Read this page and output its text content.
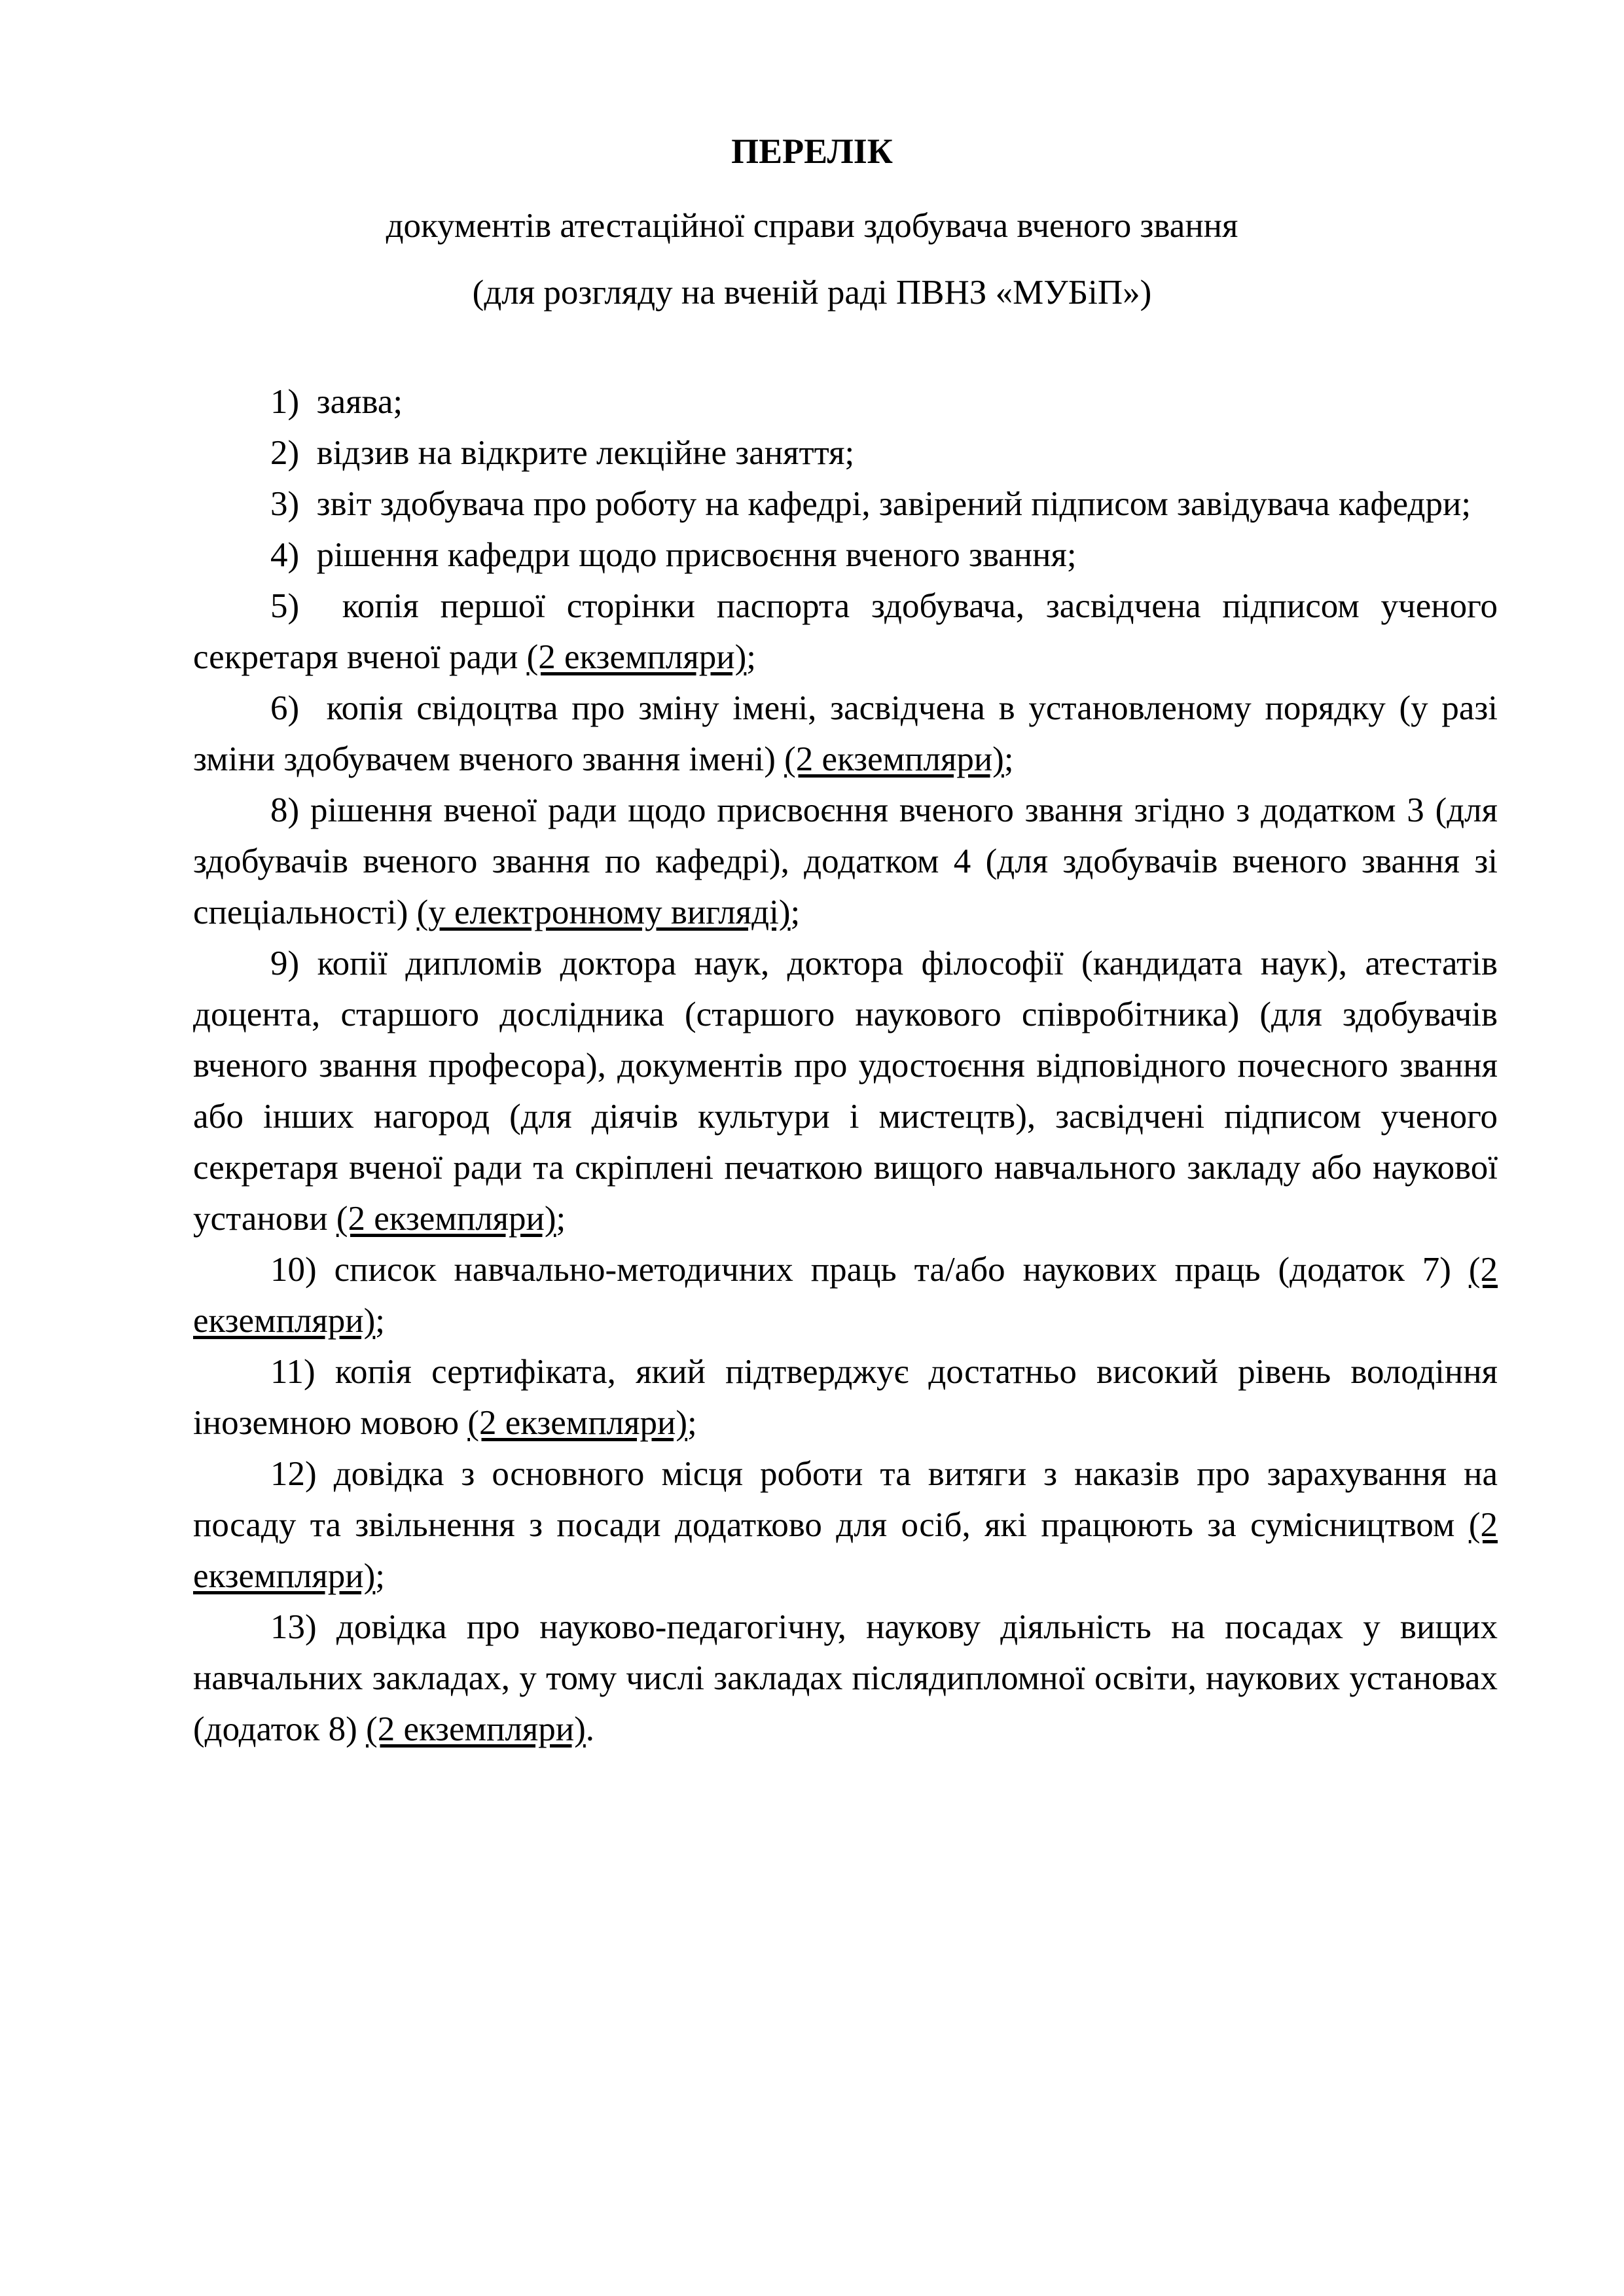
ПЕРЕЛІК

документів атестаційної справи здобувача вченого звання

(для розгляду на вченій раді ПВНЗ «МУБіП»)

1) заява;

2) відзив на відкрите лекційне заняття;

3) звіт здобувача про роботу на кафедрі, завірений підписом завідувача кафедри;

4) рішення кафедри щодо присвоєння вченого звання;

5) копія першої сторінки паспорта здобувача, засвідчена підписом ученого секретаря вченої ради (2 екземпляри);

6) копія свідоцтва про зміну імені, засвідчена в установленому порядку (у разі зміни здобувачем вченого звання імені) (2 екземпляри);

8) рішення вченої ради щодо присвоєння вченого звання згідно з додатком 3 (для здобувачів вченого звання по кафедрі), додатком 4 (для здобувачів вченого звання зі спеціальності) (у електронному вигляді);

9) копії дипломів доктора наук, доктора філософії (кандидата наук), атестатів доцента, старшого дослідника (старшого наукового співробітника) (для здобувачів вченого звання професора), документів про удостоєння відповідного почесного звання або інших нагород (для діячів культури і мистецтв), засвідчені підписом ученого секретаря вченої ради та скріплені печаткою вищого навчального закладу або наукової установи (2 екземпляри);

10) список навчально-методичних праць та/або наукових праць (додаток 7) (2 екземпляри);

11) копія сертифіката, який підтверджує достатньо високий рівень володіння іноземною мовою (2 екземпляри);

12) довідка з основного місця роботи та витяги з наказів про зарахування на посаду та звільнення з посади додатково для осіб, які працюють за сумісництвом (2 екземпляри);

13) довідка про науково-педагогічну, наукову діяльність на посадах у вищих навчальних закладах, у тому числі закладах післядипломної освіти, наукових установах (додаток 8) (2 екземпляри).
